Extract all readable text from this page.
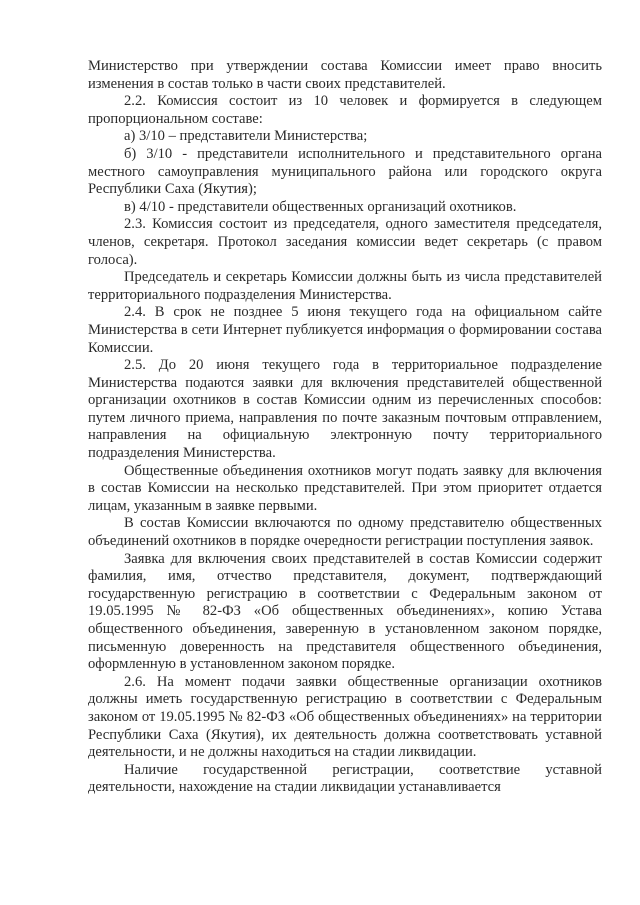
Министерство при утверждении состава Комиссии имеет право вносить изменения в состав только в части своих представителей.

2.2. Комиссия состоит из 10 человек и формируется в следующем пропорциональном составе:

а) 3/10 – представители Министерства;

б) 3/10 - представители исполнительного и представительного органа местного самоуправления муниципального района или городского округа Республики Саха (Якутия);

в) 4/10 - представители общественных организаций охотников.

2.3. Комиссия состоит из председателя, одного заместителя председателя, членов, секретаря. Протокол заседания комиссии ведет секретарь (с правом голоса).

Председатель и секретарь Комиссии должны быть из числа представителей территориального подразделения Министерства.

2.4. В срок не позднее 5 июня текущего года на официальном сайте Министерства в сети Интернет публикуется информация о формировании состава Комиссии.

2.5. До 20 июня текущего года в территориальное подразделение Министерства подаются заявки для включения представителей общественной организации охотников в состав Комиссии одним из перечисленных способов: путем личного приема, направления по почте заказным почтовым отправлением, направления на официальную электронную почту территориального подразделения Министерства.

Общественные объединения охотников могут подать заявку для включения в состав Комиссии на несколько представителей. При этом приоритет отдается лицам, указанным в заявке первыми.

В состав Комиссии включаются по одному представителю общественных объединений охотников в порядке очередности регистрации поступления заявок.

Заявка для включения своих представителей в состав Комиссии содержит фамилия, имя, отчество представителя, документ, подтверждающий государственную регистрацию в соответствии с Федеральным законом от 19.05.1995 № 82-ФЗ «Об общественных объединениях», копию Устава общественного объединения, заверенную в установленном законом порядке, письменную доверенность на представителя общественного объединения, оформленную в установленном законом порядке.

2.6. На момент подачи заявки общественные организации охотников должны иметь государственную регистрацию в соответствии с Федеральным законом от 19.05.1995 № 82-ФЗ «Об общественных объединениях» на территории Республики Саха (Якутия), их деятельность должна соответствовать уставной деятельности, и не должны находиться на стадии ликвидации.

Наличие государственной регистрации, соответствие уставной деятельности, нахождение на стадии ликвидации устанавливается
